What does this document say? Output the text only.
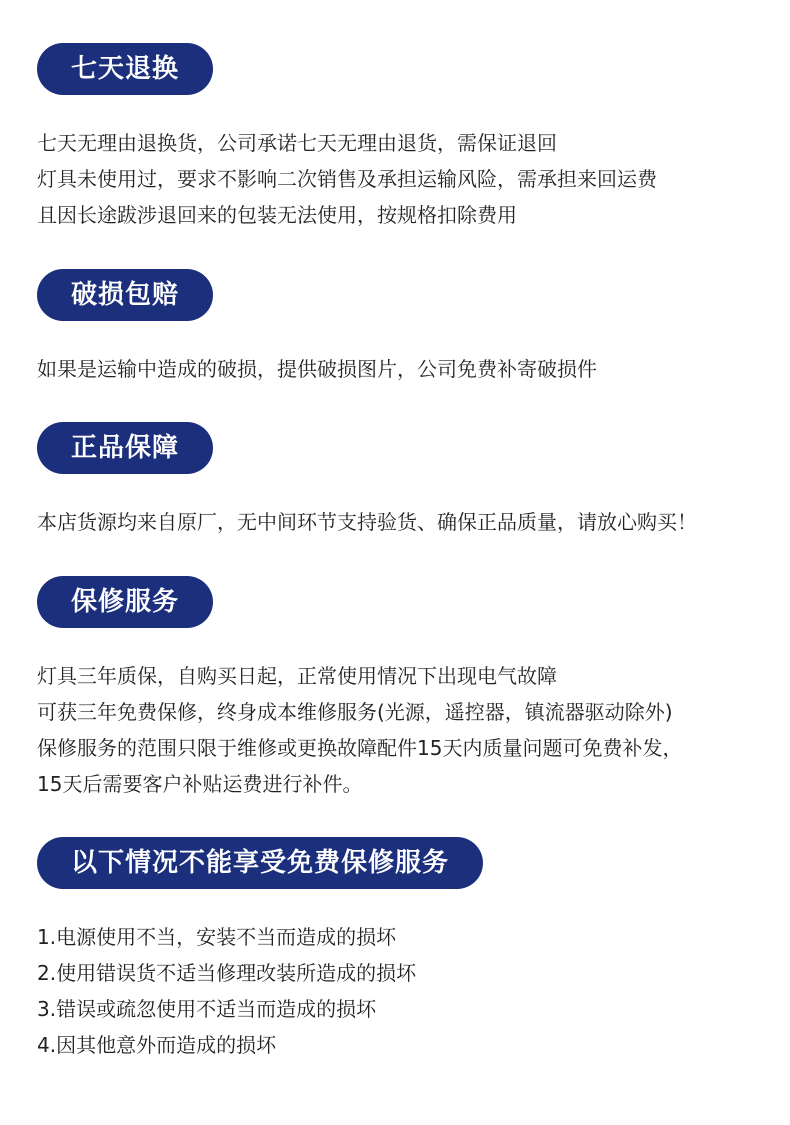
七天退换
七天无理由退换货，公司承诺七天无理由退货，需保证退回
灯具未使用过，要求不影响二次销售及承担运输风险，需承担来回运费
且因长途跋涉退回来的包装无法使用，按规格扣除费用
破损包赔
如果是运输中造成的破损，提供破损图片，公司免费补寄破损件
正品保障
本店货源均来自原厂，无中间环节支持验货、确保正品质量，请放心购买！
保修服务
灯具三年质保，自购买日起，正常使用情况下出现电气故障
可获三年免费保修，终身成本维修服务(光源，遥控器，镇流器驱动除外)
保修服务的范围只限于维修或更换故障配件15天内质量问题可免费补发，
15天后需要客户补贴运费进行补件。
以下情况不能享受免费保修服务
1.电源使用不当，安装不当而造成的损坏
2.使用错误货不适当修理改装所造成的损坏
3.错误或疏忽使用不适当而造成的损坏
4.因其他意外而造成的损坏
